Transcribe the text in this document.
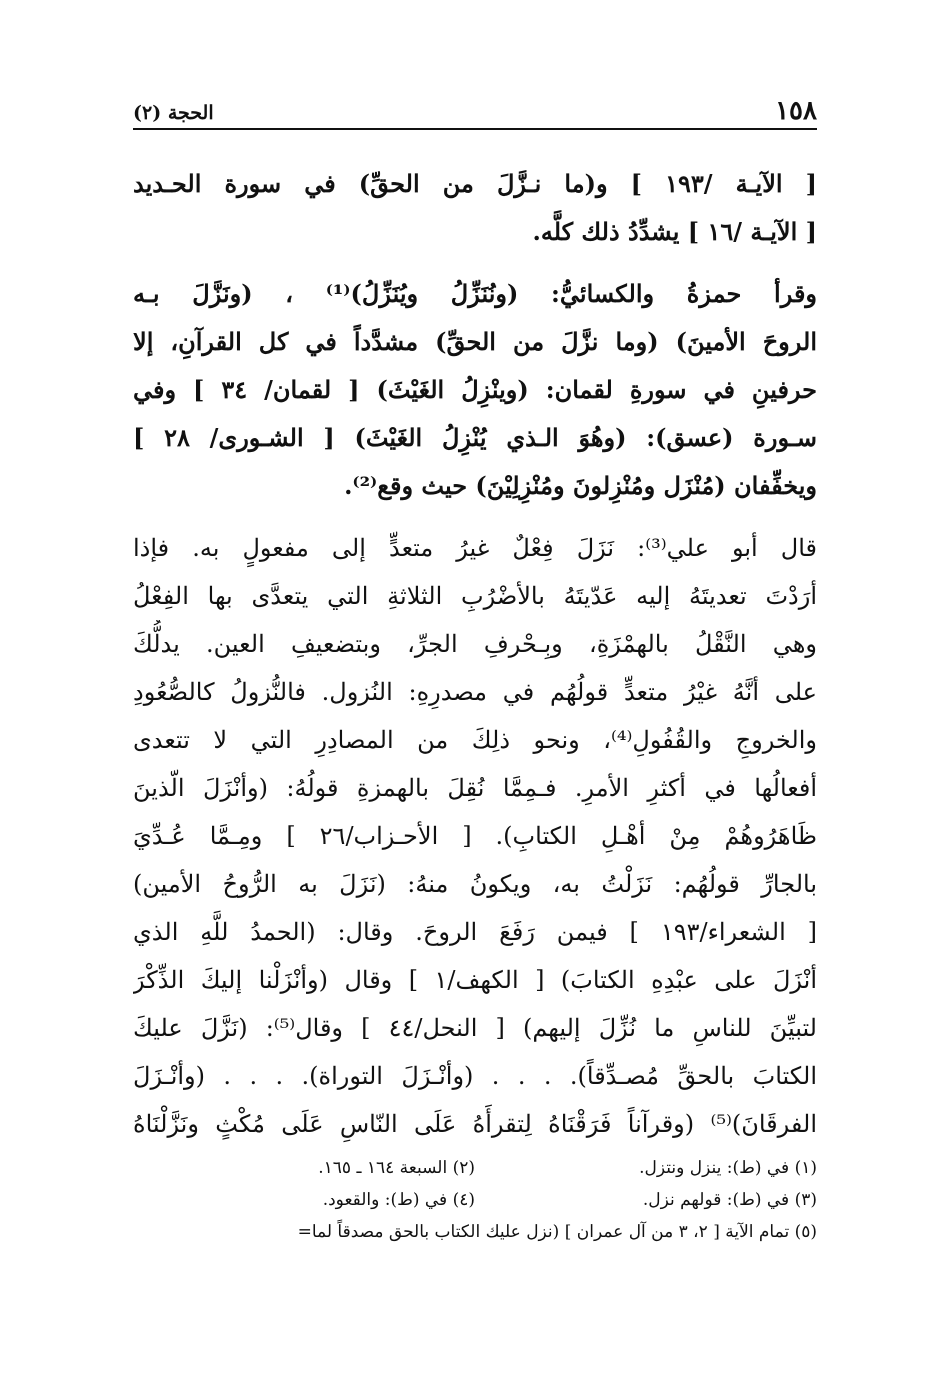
١٥٨
الحجة (٢)
[ الآيـة /١٩٣ ] و(ما نـزَّلَ من الحقِّ) في سورة الحـديد
[ الآيـة /١٦ ] يشدِّدُ ذلك كلَّه.
وقرأ حمزةُ والكسائيُّ: (ونُنَزِّلُ ويُنَزِّلُ)⁽¹⁾ ، (ونَزَّلَ بـه
الروحَ الأمينَ) (وما نزَّلَ من الحقِّ) مشدَّداً في كل القرآنِ، إلا
حرفينِ في سورةِ لقمان: (وينْزِلُ الغَيْثَ) [ لقمان/ ٣٤ ] وفي
سـورة (عسق): (وهُوَ الـذي يُنْزِلُ الغَيْثَ) [ الشـورى/ ٢٨ ]
ويخفِّفان (مُنْزَل ومُنْزِلونَ ومُنْزِلِيْنَ) حيث وقع⁽²⁾.
قال أبو علي⁽³⁾: نَزَلَ فِعْلٌ غيرُ متعدٍّ إلى مفعولٍ به. فإذا
أرَدْتَ تعديتَهُ إليه عَدّيتَهُ بالأضْرُبِ الثلاثةِ التي يتعدَّى بها الفِعْلُ
وهي النَّقْلُ بالهمْزَةِ، وبِـحْرفِ الجرِّ، وبتضعيفِ العين. يدلُّكَ
على أنَّهُ غيْرُ متعدٍّ قولُهُم في مصدرِهِ: النُزول. فالنُّزولُ كالصُّعُودِ
والخروجِ والقُفُولِ⁽⁴⁾، ونحو ذلِكَ من المصادِرِ التي لا تتعدى
أفعالُها في أكثرِ الأمرِ. فـمِمَّا نُقِلَ بالهمزةِ قولُهُ: (وأنْزَلَ الّذينَ
ظَاهَرُوهُمْ مِنْ أهْـلِ الكتابِ). [ الأحـزاب/٢٦ ] ومِـمَّا عُـدِّيَ
بالجارِّ قولُهُم: نَزَلْتُ به، ويكونُ منهُ: (نَزَلَ به الرُّوحُ الأمين)
[ الشعراء/١٩٣ ] فيمن رَفَعَ الروحَ. وقال: (الحمدُ للَّهِ الذي
أنْزَلَ على عبْدِهِ الكتابَ) [ الكهف/١ ] وقال (وأنْزَلْنا إليكَ الذِّكْرَ
لتبيِّنَ للناسِ ما نُزِّلَ إليهم) [ النحل/٤٤ ] وقال⁽⁵⁾: (نَزَّلَ عليكَ
الكتابَ بالحقِّ مُصـدِّقاً). . . . (وأنْـزَلَ التوراة). . . . (وأنْـزَلَ
الفرقَانَ)⁽⁵⁾ (وقرآناً فَرَقْنَاهُ لِتقرأَهُ عَلَى النّاسِ عَلَى مُكْثٍ ونَزَّلْنَاهُ
(١) في (ط): ينزل ونتزل.
(٢) السبعة ١٦٤ ـ ١٦٥.
(٣) في (ط): قولهم نزل.
(٤) في (ط): والقعود.
(٥) تمام الآية [ ٢، ٣ من آل عمران ] (نزل عليك الكتاب بالحق مصدقاً لما=
